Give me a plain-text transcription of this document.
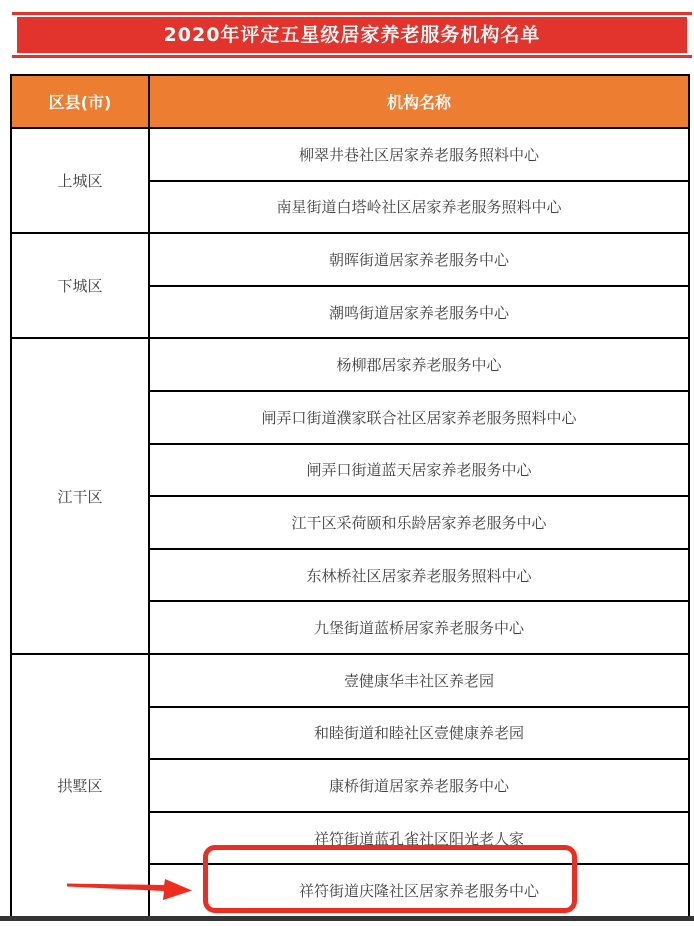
2020年评定五星级居家养老服务机构名单
区县(市)	机构名称
上城区	柳翠井巷社区居家养老服务照料中心
	南星街道白塔岭社区居家养老服务照料中心
下城区	朝晖街道居家养老服务中心
	潮鸣街道居家养老服务中心
江干区	杨柳郡居家养老服务中心
	闸弄口街道濮家联合社区居家养老服务照料中心
	闸弄口街道蓝天居家养老服务中心
	江干区采荷颐和乐龄居家养老服务中心
	东林桥社区居家养老服务照料中心
	九堡街道蓝桥居家养老服务中心
拱墅区	壹健康华丰社区养老园
	和睦街道和睦社区壹健康养老园
	康桥街道居家养老服务中心
	祥符街道蓝孔雀社区阳光老人家
	祥符街道庆隆社区居家养老服务中心
